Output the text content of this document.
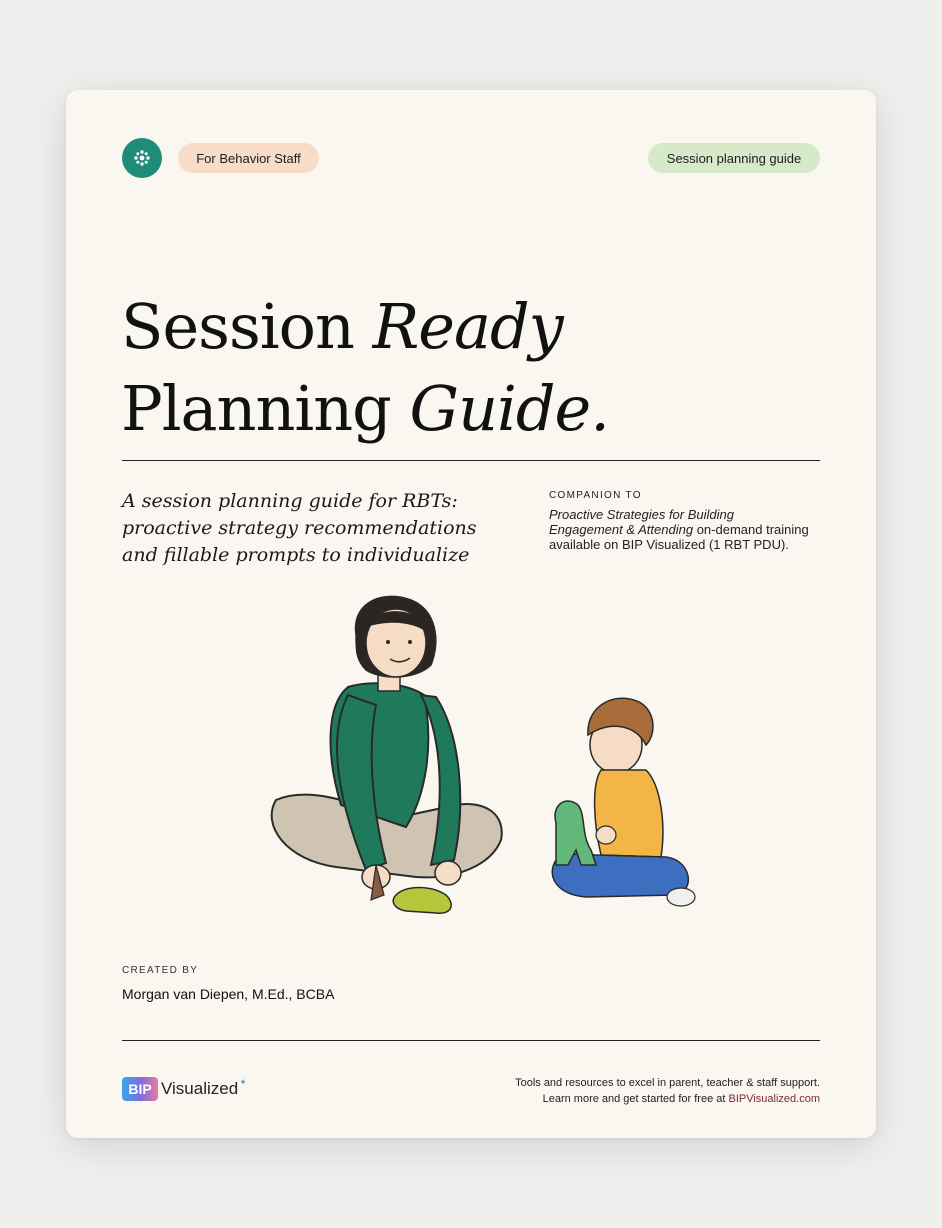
For Behavior Staff	Session planning guide
Session Ready
Planning Guide.
A session planning guide for RBTs: proactive strategy recommendations and fillable prompts to individualize
COMPANION TO
Proactive Strategies for Building Engagement & Attending on-demand training available on BIP Visualized (1 RBT PDU).
CREATED BY
Morgan van Diepen, M.Ed., BCBA
BIP Visualized ✦	Tools and resources to excel in parent, teacher & staff support.
Learn more and get started for free at BIPVisualized.com
